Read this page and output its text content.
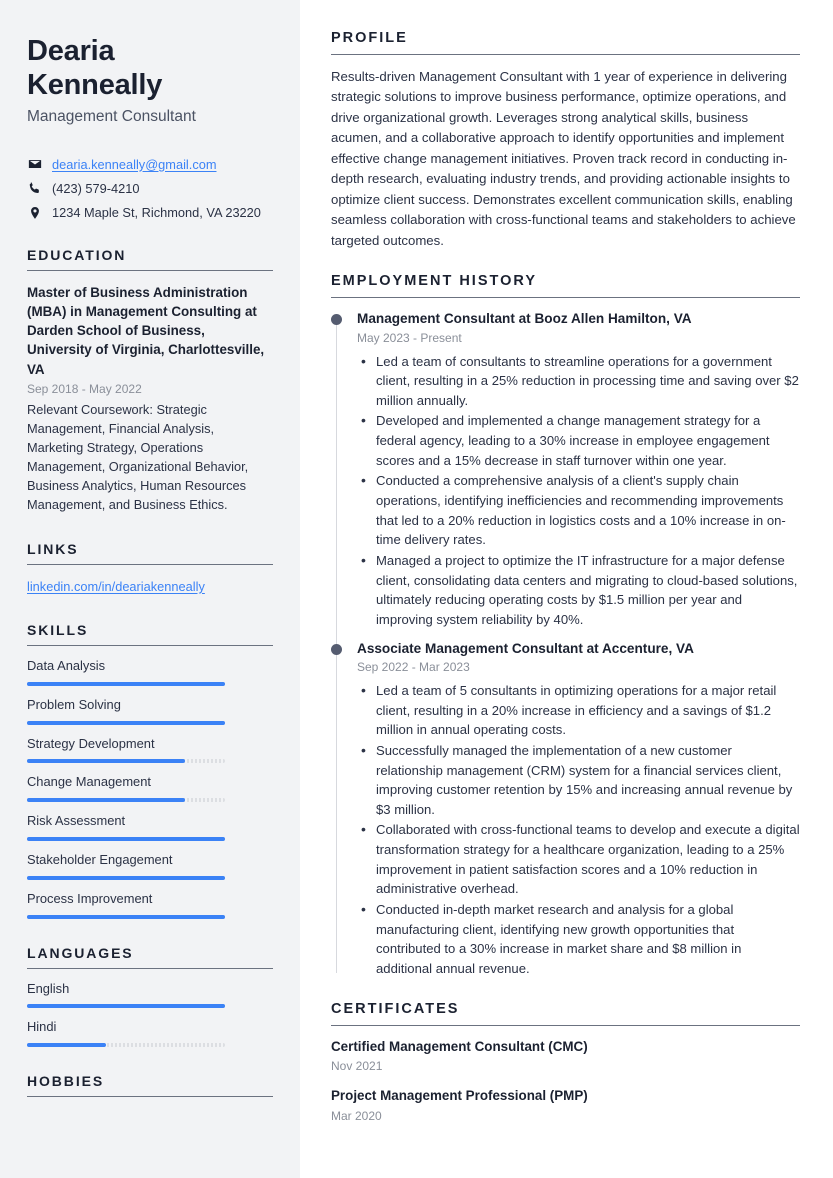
Dearia
Kenneally
Management Consultant
dearia.kenneally@gmail.com
(423) 579-4210
1234 Maple St, Richmond, VA 23220
EDUCATION
Master of Business Administration (MBA) in Management Consulting at Darden School of Business, University of Virginia, Charlottesville, VA
Sep 2018 - May 2022
Relevant Coursework: Strategic Management, Financial Analysis, Marketing Strategy, Operations Management, Organizational Behavior, Business Analytics, Human Resources Management, and Business Ethics.
LINKS
linkedin.com/in/deariakenneally
SKILLS
Data Analysis
Problem Solving
Strategy Development
Change Management
Risk Assessment
Stakeholder Engagement
Process Improvement
LANGUAGES
English
Hindi
HOBBIES
PROFILE

Results-driven Management Consultant with 1 year of experience in delivering strategic solutions to improve business performance, optimize operations, and drive organizational growth. Leverages strong analytical skills, business acumen, and a collaborative approach to identify opportunities and implement effective change management initiatives. Proven track record in conducting in-depth research, evaluating industry trends, and providing actionable insights to optimize client success. Demonstrates excellent communication skills, enabling seamless collaboration with cross-functional teams and stakeholders to achieve targeted outcomes.

EMPLOYMENT HISTORY
Management Consultant at Booz Allen Hamilton, VA
May 2023 - Present
• Led a team of consultants to streamline operations for a government client, resulting in a 25% reduction in processing time and saving over $2 million annually.
• Developed and implemented a change management strategy for a federal agency, leading to a 30% increase in employee engagement scores and a 15% decrease in staff turnover within one year.
• Conducted a comprehensive analysis of a client's supply chain operations, identifying inefficiencies and recommending improvements that led to a 20% reduction in logistics costs and a 10% increase in on-time delivery rates.
• Managed a project to optimize the IT infrastructure for a major defense client, consolidating data centers and migrating to cloud-based solutions, ultimately reducing operating costs by $1.5 million per year and improving system reliability by 40%.
Associate Management Consultant at Accenture, VA
Sep 2022 - Mar 2023
• Led a team of 5 consultants in optimizing operations for a major retail client, resulting in a 20% increase in efficiency and a savings of $1.2 million in annual operating costs.
• Successfully managed the implementation of a new customer relationship management (CRM) system for a financial services client, improving customer retention by 15% and increasing annual revenue by $3 million.
• Collaborated with cross-functional teams to develop and execute a digital transformation strategy for a healthcare organization, leading to a 25% improvement in patient satisfaction scores and a 10% reduction in administrative overhead.
• Conducted in-depth market research and analysis for a global manufacturing client, identifying new growth opportunities that contributed to a 30% increase in market share and $8 million in additional annual revenue.
CERTIFICATES
Certified Management Consultant (CMC)
Nov 2021
Project Management Professional (PMP)
Mar 2020
